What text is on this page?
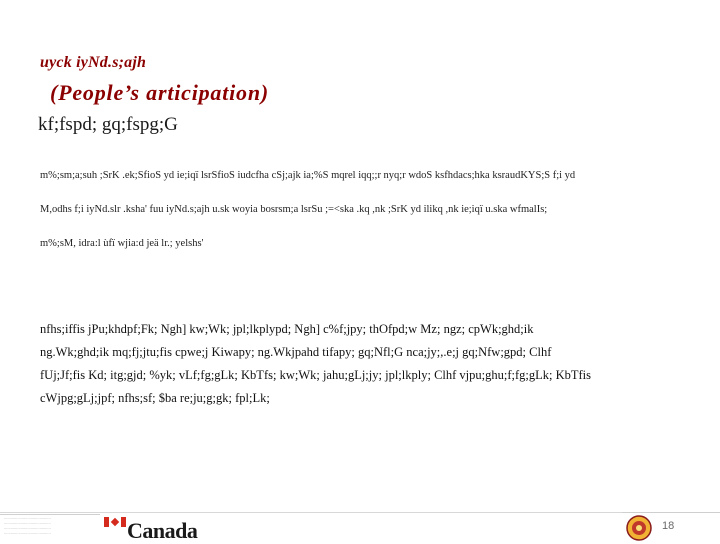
uyck iyNd.s;ajh
(People’s articipation)
kf;fspd; gq;fspg;G
m%;sm;a;suh ;SrK .ek;SfioS yd ie;iqï lsrSfioS iudcfha cSj;ajk ia;%S mqrel iqq;;r nyq;r wdoS ksfhdacs;hka ksraudKYS;S f;i yd
M,odhs f;i iyNd.slr .ksha' fuu iyNd.s;ajh u.sk woyia bosrsm;a lsrSu ;=<ska .kq ,nk ;SrK yd ilikq ,nk ie;iqï u.ska wfmalIs;
m%;sM, idra:l ùfï wjia:d jeä lr.; yelshs'
nfhs;iffis jPu;khdpf;Fk; Ngh] kw;Wk; jpl;lkplypd; Ngh] c%f;jpy; thOfpd;w Mz; ngz; cpWk;ghd;ik
ng.Wk;ghd;ik mq;fj;jtu;fis cpwe;j Kiwapy; ng.Wkjpahd tifapy; gq;Nfl;G nca;jy;,.e;j gq;Nfw;gpd; Clhf
fUj;Jf;fis Kd; itg;gjd; %yk; vLf;fg;gLk; KbTfs; kw;Wk; jahu;gLj;jy; jpl;lkply; Clhf vjpu;ghu;f;fg;gLk; KbTfis
cWjpg;gLj;jpf; nfhs;sf; $ba re;ju;g;gk; fpl;Lk;
..........................................
..........................................
..........................................
..........................................	Canada	18
